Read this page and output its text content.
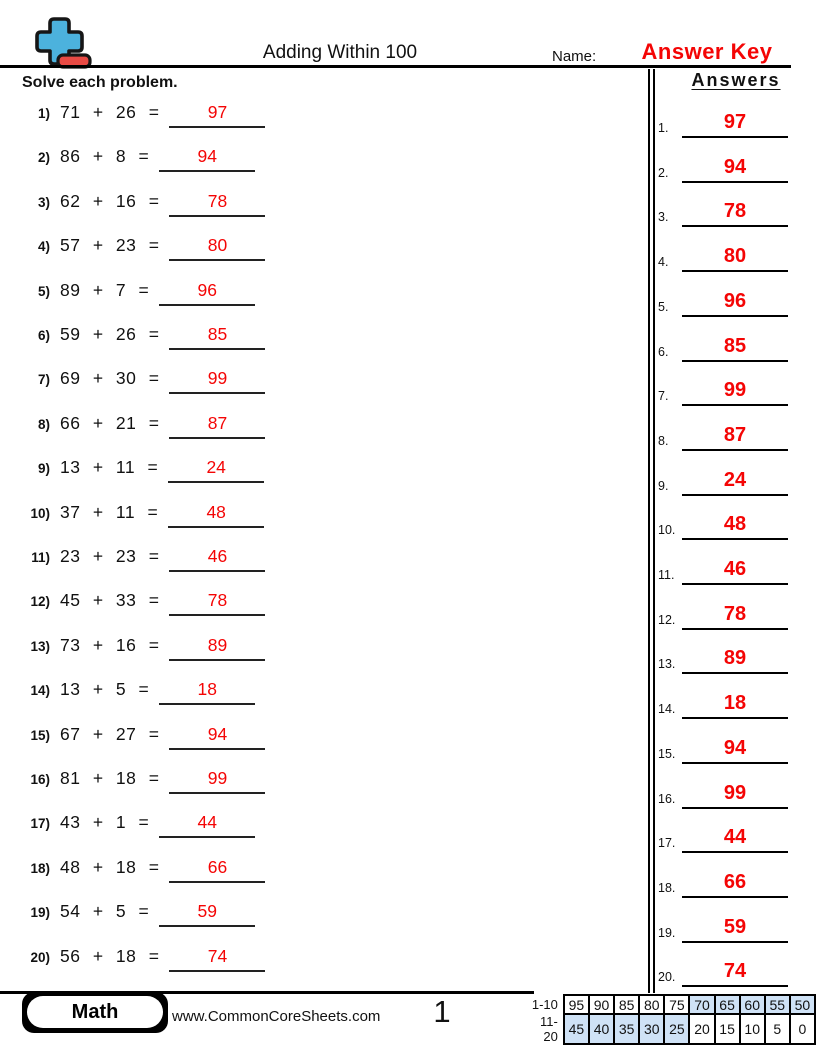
Adding Within 100	Name:	Answer Key
Solve each problem.	Answers
1.	97
2.	94
3.	78
4.	80
5.	96
6.	85
7.	99
8.	87
9.	24
10.	48
11.	46
12.	78
13.	89
14.	18
15.	94
16.	99
17.	44
18.	66
19.	59
20.	74
1) 71 + 26 =	97
2) 86 + 8 =	94
3) 62 + 16 =	78
4) 57 + 23 =	80
5) 89 + 7 =	96
6) 59 + 26 =	85
7) 69 + 30 =	99
8) 66 + 21 =	87
9) 13 + 11 =	24
10) 37 + 11 =	48
11) 23 + 23 =	46
12) 45 + 33 =	78
13) 73 + 16 =	89
14) 13 + 5 =	18
15) 67 + 27 =	94
16) 81 + 18 =	99
17) 43 + 1 =	44
18) 48 + 18 =	66
19) 54 + 5 =	59
20) 56 + 18 =	74
Math	www.CommonCoreSheets.com	1	1-10	95	90	85	80	75	70	65	60	55	50
11-20	45	40	35	30	25	20	15	10	5	0
